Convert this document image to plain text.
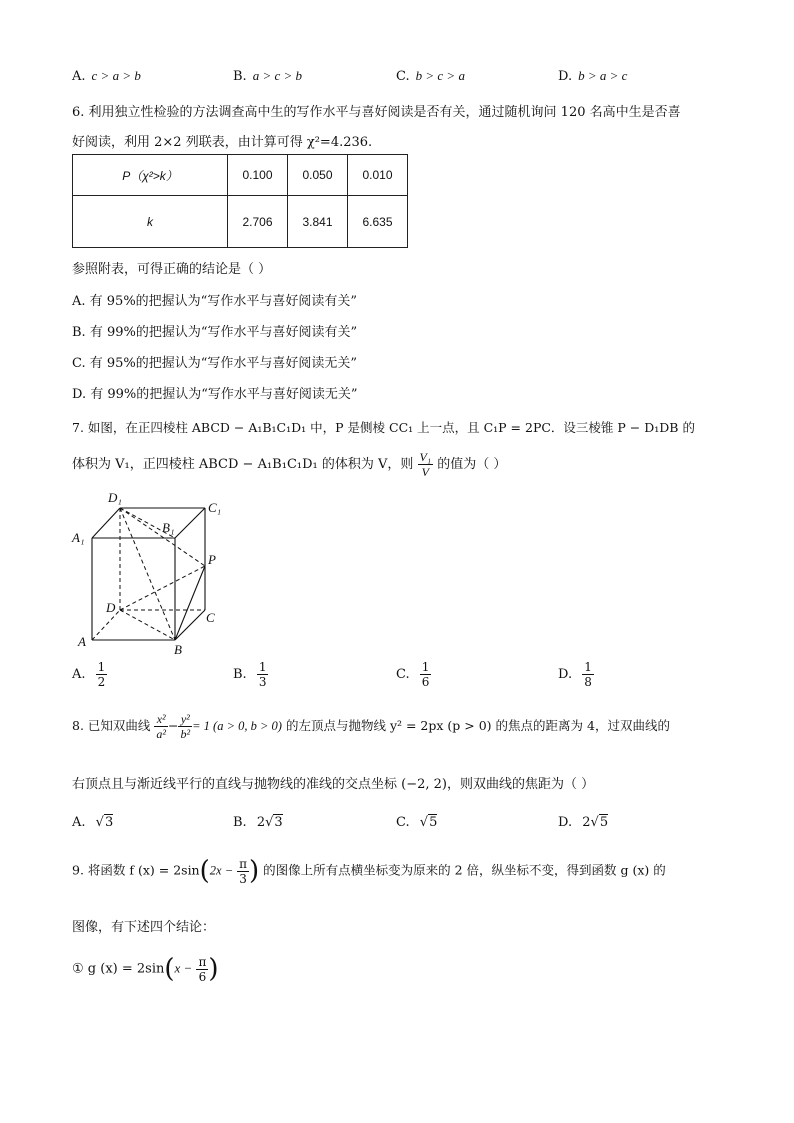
A. c > a > b	B. a > c > b	C. b > c > a	D. b > a > c
6. 利用独立性检验的方法调查高中生的写作水平与喜好阅读是否有关，通过随机询问 120 名高中生是否喜
好阅读，利用 2×2 列联表，由计算可得 χ²=4.236.
P（χ²>k）	0.100	0.050	0.010
k	2.706	3.841	6.635
参照附表，可得正确的结论是（ ）
A. 有 95%的把握认为“写作水平与喜好阅读有关”
B. 有 99%的把握认为“写作水平与喜好阅读有关”
C. 有 95%的把握认为“写作水平与喜好阅读无关”
D. 有 99%的把握认为“写作水平与喜好阅读无关”
7. 如图，在正四棱柱 ABCD − A₁B₁C₁D₁ 中，P 是侧棱 CC₁ 上一点，且 C₁P = 2PC．设三棱锥 P − D₁DB 的
体积为 V₁，正四棱柱 ABCD − A₁B₁C₁D₁ 的体积为 V，则 $\frac{\text{V₁}}{V}$ 的值为（ ）
D₁
C₁
B₁
A₁
P
D
C
A
B
A. $\frac{1}{2}$	B. $\frac{1}{3}$	C. $\frac{1}{6}$	D. $\frac{1}{8}$
8. 已知双曲线 $\frac{\text{x²}}{\text{a²}} - \frac{\text{y²}}{\text{b²}} = 1$ (a > 0, b > 0) 的左顶点与抛物线 y² = 2px (p > 0) 的焦点的距离为 4，过双曲线的
右顶点且与渐近线平行的直线与抛物线的准线的交点坐标 (−2, 2)，则双曲线的焦距为（ ）
A. √3	B. 2√3	C. √5	D. 2√5
9. 将函数 f $(x) = 2\sin(2x - \frac{\pi}{3}$ ) 的图像上所有点横坐标变为原来的 2 倍，纵坐标不变，得到函数 g (x) 的
图像，有下述四个结论：
① g $(x) = 2\sin(x - \frac{\pi}{6}$ )
